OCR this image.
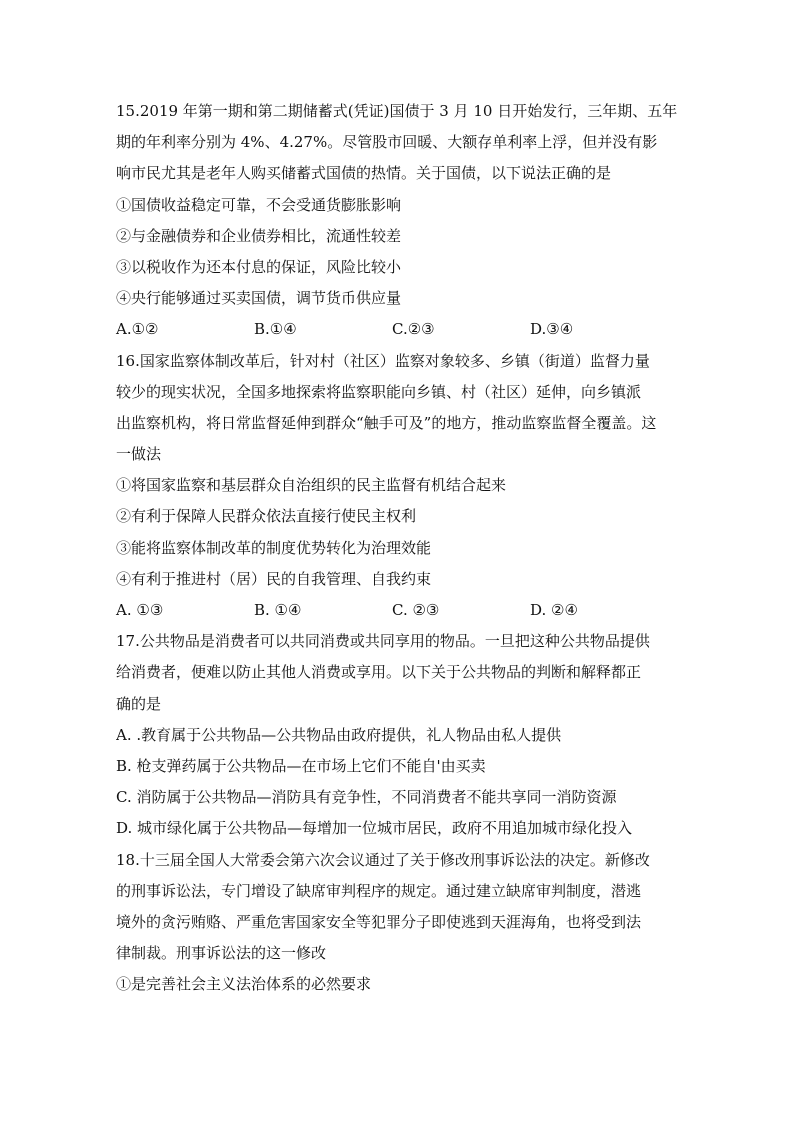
15.2019 年第一期和第二期储蓄式(凭证)国债于 3 月 10 日开始发行，三年期、五年
期的年利率分别为 4%、4.27%。尽管股市回暖、大额存单利率上浮，但并没有影
响市民尤其是老年人购买储蓄式国债的热情。关于国债，以下说法正确的是
①国债收益稳定可靠，不会受通货膨胀影响
②与金融债券和企业债券相比，流通性较差
③以税收作为还本付息的保证，风险比较小
④央行能够通过买卖国债，调节货币供应量
A.①②	B.①④	C.②③	D.③④
16.国家监察体制改革后，针对村（社区）监察对象较多、乡镇（街道）监督力量
较少的现实状况，全国多地探索将监察职能向乡镇、村（社区）延伸，向乡镇派
出监察机构，将日常监督延伸到群众“触手可及”的地方，推动监察监督全覆盖。这
一做法
①将国家监察和基层群众自治组织的民主监督有机结合起来
②有利于保障人民群众依法直接行使民主权利
③能将监察体制改革的制度优势转化为治理效能
④有利于推进村（居）民的自我管理、自我约束
A. ①③	B. ①④	C. ②③	D. ②④
17.公共物品是消费者可以共同消费或共同享用的物品。一旦把这种公共物品提供
给消费者，便难以防止其他人消费或享用。以下关于公共物品的判断和解释都正
确的是
A. .教育属于公共物品—公共物品由政府提供，礼人物品由私人提供
B. 枪支弹药属于公共物品—在市场上它们不能自'由买卖
C. 消防属于公共物品—消防具有竞争性，不同消费者不能共享同一消防资源
D. 城市绿化属于公共物品—每增加一位城市居民，政府不用追加城市绿化投入
18.十三届全国人大常委会第六次会议通过了关于修改刑事诉讼法的决定。新修改
的刑事诉讼法，专门增设了缺席审判程序的规定。通过建立缺席审判制度，潜逃
境外的贪污贿赂、严重危害国家安全等犯罪分子即使逃到天涯海角，也将受到法
律制裁。刑事诉讼法的这一修改
①是完善社会主义法治体系的必然要求
